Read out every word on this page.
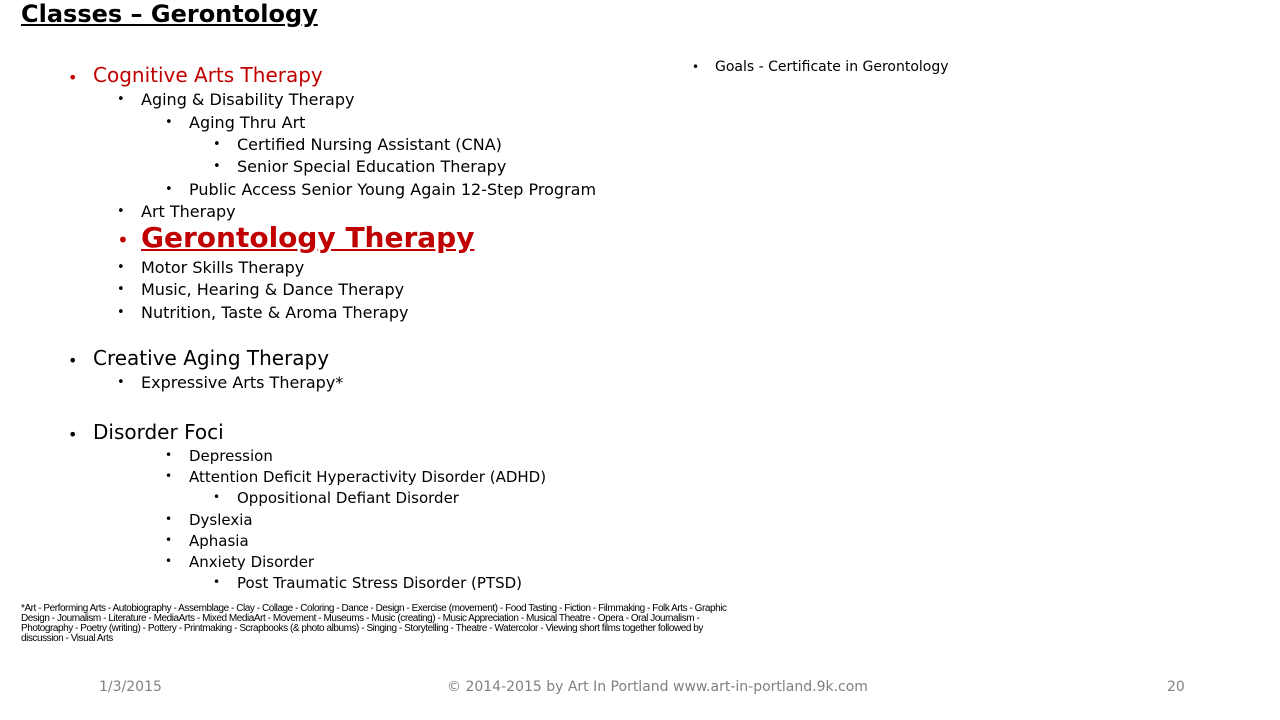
Classes – Gerontology
• Cognitive Arts Therapy
• Aging & Disability Therapy
• Aging Thru Art
• Certified Nursing Assistant (CNA)
• Senior Special Education Therapy
• Public Access Senior Young Again 12-Step Program
• Art Therapy
• Gerontology Therapy
• Motor Skills Therapy
• Music, Hearing & Dance Therapy
• Nutrition, Taste & Aroma Therapy
• Creative Aging Therapy
• Expressive Arts Therapy*
• Disorder Foci
• Depression
• Attention Deficit Hyperactivity Disorder (ADHD)
• Oppositional Defiant Disorder
• Dyslexia
• Aphasia
• Anxiety Disorder
• Post Traumatic Stress Disorder (PTSD)
• Goals - Certificate in Gerontology
*Art - Performing Arts - Autobiography - Assemblage - Clay - Collage - Coloring - Dance - Design - Exercise (movement) - Food Tasting - Fiction - Filmmaking - Folk Arts - Graphic Design - Journalism - Literature - MediaArts - Mixed MediaArt - Movement - Museums - Music (creating) - Music Appreciation - Musical Theatre - Opera - Oral Journalism - Photography - Poetry (writing) - Pottery - Printmaking - Scrapbooks (& photo albums) - Singing - Storytelling - Theatre - Watercolor - Viewing short films together followed by discussion - Visual Arts
1/3/2015	© 2014-2015 by Art In Portland www.art-in-portland.9k.com	20
